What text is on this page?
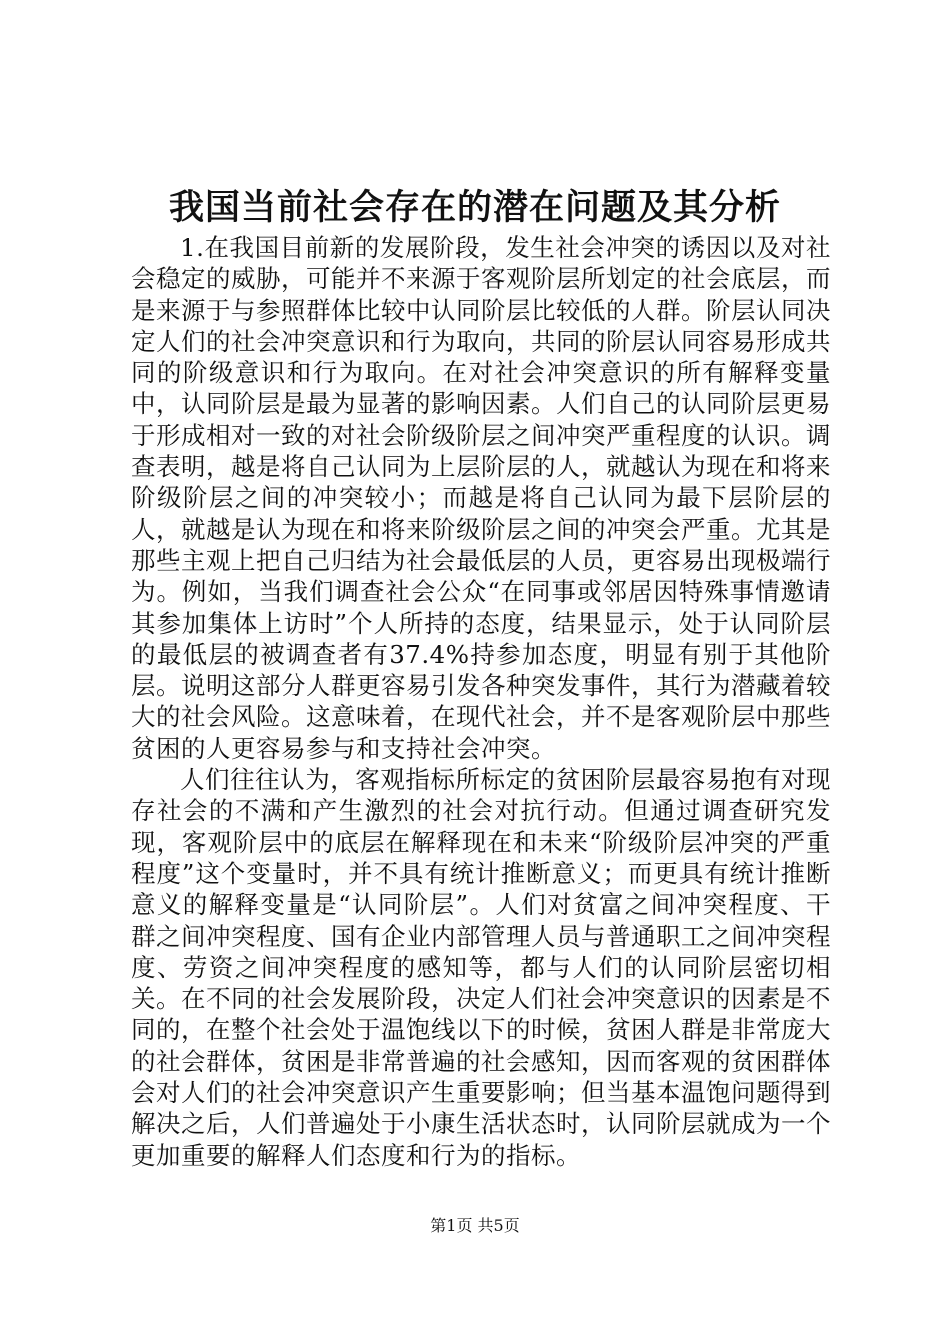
我国当前社会存在的潜在问题及其分析

1.在我国目前新的发展阶段，发生社会冲突的诱因以及对社会稳定的威胁，可能并不来源于客观阶层所划定的社会底层，而是来源于与参照群体比较中认同阶层比较低的人群。阶层认同决定人们的社会冲突意识和行为取向，共同的阶层认同容易形成共同的阶级意识和行为取向。在对社会冲突意识的所有解释变量中，认同阶层是最为显著的影响因素。人们自己的认同阶层更易于形成相对一致的对社会阶级阶层之间冲突严重程度的认识。调查表明，越是将自己认同为上层阶层的人，就越认为现在和将来阶级阶层之间的冲突较小；而越是将自己认同为最下层阶层的人，就越是认为现在和将来阶级阶层之间的冲突会严重。尤其是那些主观上把自己归结为社会最低层的人员，更容易出现极端行为。例如，当我们调查社会公众“在同事或邻居因特殊事情邀请其参加集体上访时”个人所持的态度，结果显示，处于认同阶层的最低层的被调查者有37.4%持参加态度，明显有别于其他阶层。说明这部分人群更容易引发各种突发事件，其行为潜藏着较大的社会风险。这意味着，在现代社会，并不是客观阶层中那些贫困的人更容易参与和支持社会冲突。

人们往往认为，客观指标所标定的贫困阶层最容易抱有对现存社会的不满和产生激烈的社会对抗行动。但通过调查研究发现，客观阶层中的底层在解释现在和未来“阶级阶层冲突的严重程度”这个变量时，并不具有统计推断意义；而更具有统计推断意义的解释变量是“认同阶层”。人们对贫富之间冲突程度、干群之间冲突程度、国有企业内部管理人员与普通职工之间冲突程度、劳资之间冲突程度的感知等，都与人们的认同阶层密切相关。在不同的社会发展阶段，决定人们社会冲突意识的因素是不同的，在整个社会处于温饱线以下的时候，贫困人群是非常庞大的社会群体，贫困是非常普遍的社会感知，因而客观的贫困群体会对人们的社会冲突意识产生重要影响；但当基本温饱问题得到解决之后，人们普遍处于小康生活状态时，认同阶层就成为一个更加重要的解释人们态度和行为的指标。

第1页 共5页
